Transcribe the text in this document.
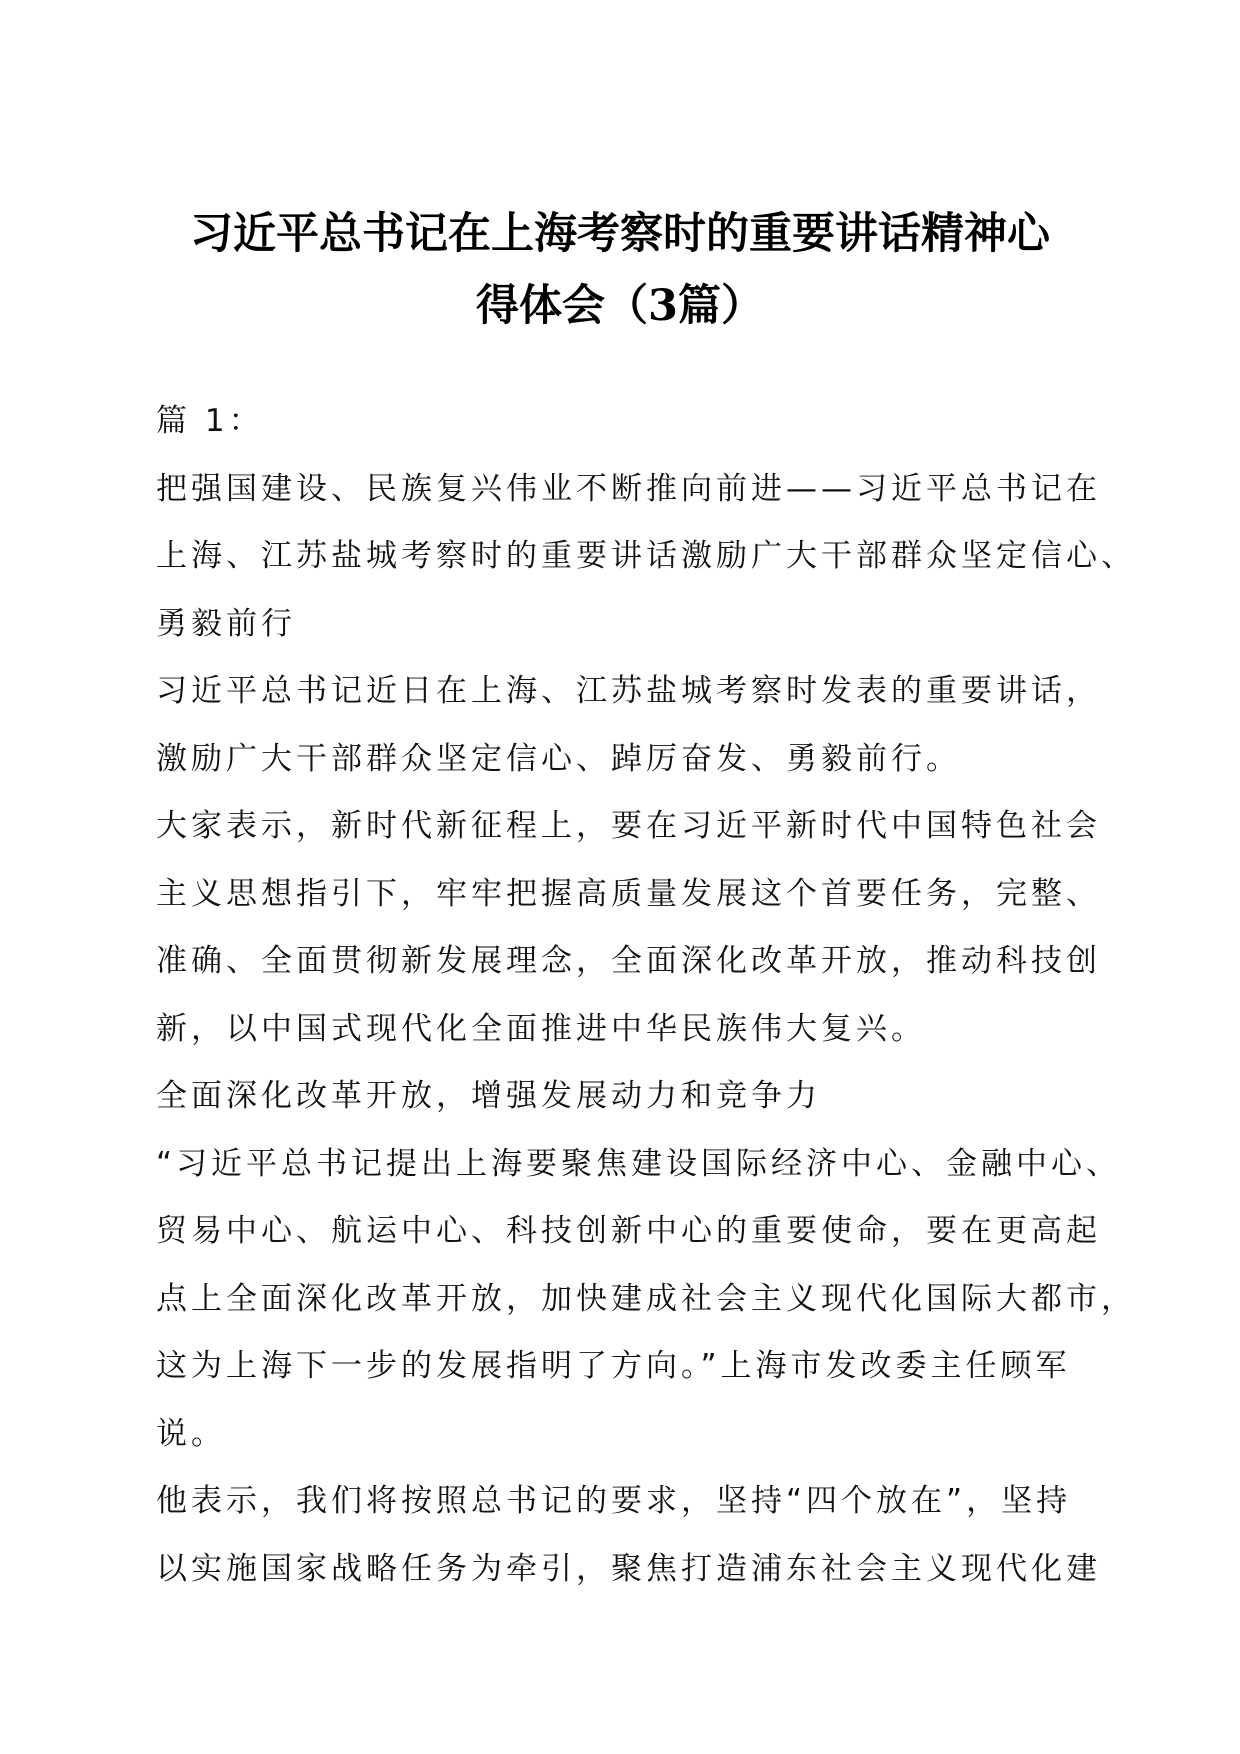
习近平总书记在上海考察时的重要讲话精神心
得体会（3篇）
篇 1：
把强国建设、民族复兴伟业不断推向前进——习近平总书记在
上海、江苏盐城考察时的重要讲话激励广大干部群众坚定信心、
勇毅前行
习近平总书记近日在上海、江苏盐城考察时发表的重要讲话，
激励广大干部群众坚定信心、踔厉奋发、勇毅前行。
大家表示，新时代新征程上，要在习近平新时代中国特色社会
主义思想指引下，牢牢把握高质量发展这个首要任务，完整、
准确、全面贯彻新发展理念，全面深化改革开放，推动科技创
新，以中国式现代化全面推进中华民族伟大复兴。
全面深化改革开放，增强发展动力和竞争力
“习近平总书记提出上海要聚焦建设国际经济中心、金融中心、
贸易中心、航运中心、科技创新中心的重要使命，要在更高起
点上全面深化改革开放，加快建成社会主义现代化国际大都市，
这为上海下一步的发展指明了方向。”上海市发改委主任顾军
说。
他表示，我们将按照总书记的要求，坚持“四个放在”，坚持
以实施国家战略任务为牵引，聚焦打造浦东社会主义现代化建
